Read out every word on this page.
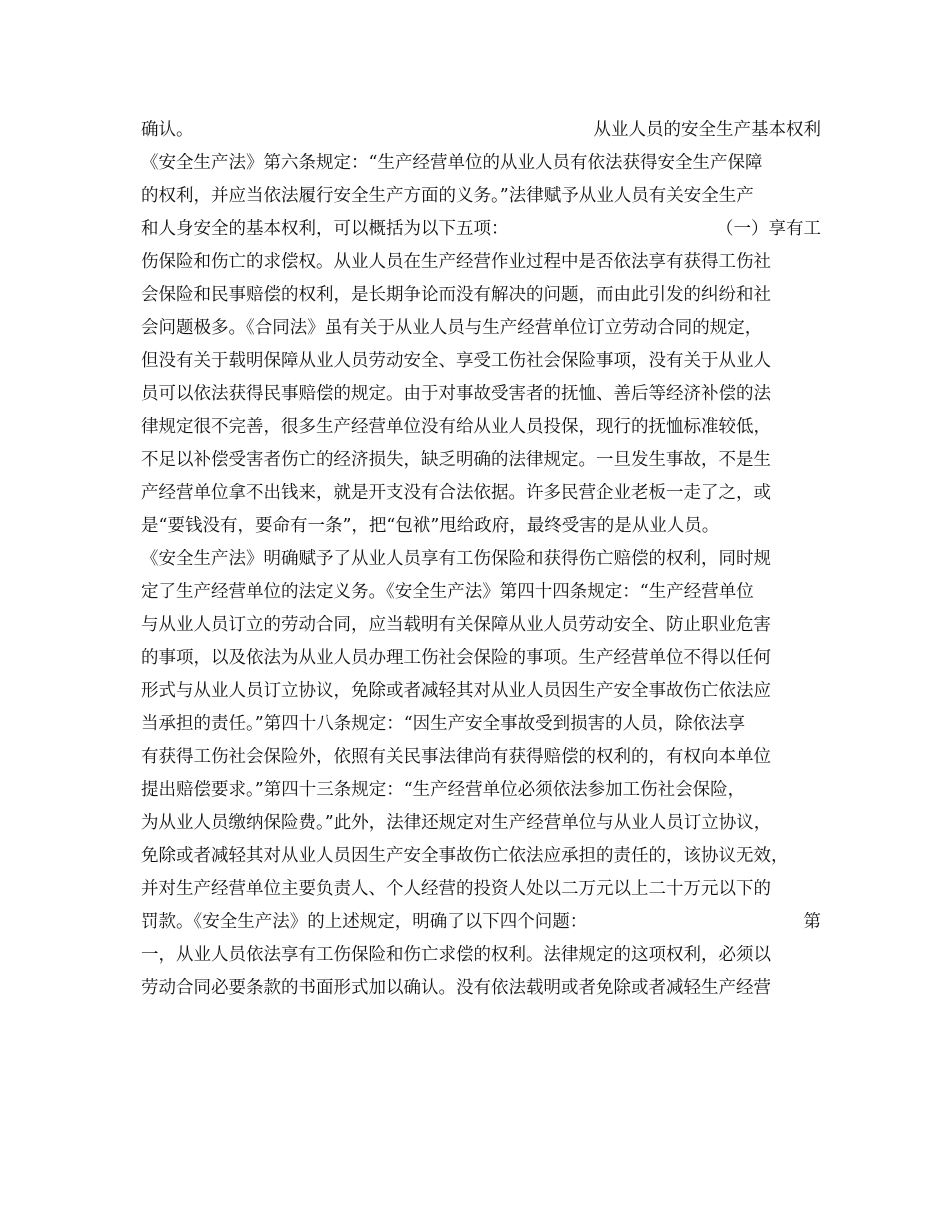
确认。	从业人员的安全生产基本权利
《安全生产法》第六条规定：“生产经营单位的从业人员有依法获得安全生产保障
的权利，并应当依法履行安全生产方面的义务。”法律赋予从业人员有关安全生产
和人身安全的基本权利，可以概括为以下五项：	（一）享有工
伤保险和伤亡的求偿权。从业人员在生产经营作业过程中是否依法享有获得工伤社
会保险和民事赔偿的权利，是长期争论而没有解决的问题，而由此引发的纠纷和社
会问题极多。《合同法》虽有关于从业人员与生产经营单位订立劳动合同的规定，
但没有关于载明保障从业人员劳动安全、享受工伤社会保险事项，没有关于从业人
员可以依法获得民事赔偿的规定。由于对事故受害者的抚恤、善后等经济补偿的法
律规定很不完善，很多生产经营单位没有给从业人员投保，现行的抚恤标准较低，
不足以补偿受害者伤亡的经济损失，缺乏明确的法律规定。一旦发生事故，不是生
产经营单位拿不出钱来，就是开支没有合法依据。许多民营企业老板一走了之，或
是“要钱没有，要命有一条”，把“包袱”甩给政府，最终受害的是从业人员。
《安全生产法》明确赋予了从业人员享有工伤保险和获得伤亡赔偿的权利，同时规
定了生产经营单位的法定义务。《安全生产法》第四十四条规定：“生产经营单位
与从业人员订立的劳动合同，应当载明有关保障从业人员劳动安全、防止职业危害
的事项，以及依法为从业人员办理工伤社会保险的事项。生产经营单位不得以任何
形式与从业人员订立协议，免除或者减轻其对从业人员因生产安全事故伤亡依法应
当承担的责任。”第四十八条规定：“因生产安全事故受到损害的人员，除依法享
有获得工伤社会保险外，依照有关民事法律尚有获得赔偿的权利的，有权向本单位
提出赔偿要求。”第四十三条规定：“生产经营单位必须依法参加工伤社会保险，
为从业人员缴纳保险费。”此外，法律还规定对生产经营单位与从业人员订立协议，
免除或者减轻其对从业人员因生产安全事故伤亡依法应承担的责任的，该协议无效，
并对生产经营单位主要负责人、个人经营的投资人处以二万元以上二十万元以下的
罚款。《安全生产法》的上述规定，明确了以下四个问题：	第
一，从业人员依法享有工伤保险和伤亡求偿的权利。法律规定的这项权利，必须以
劳动合同必要条款的书面形式加以确认。没有依法载明或者免除或者减轻生产经营
